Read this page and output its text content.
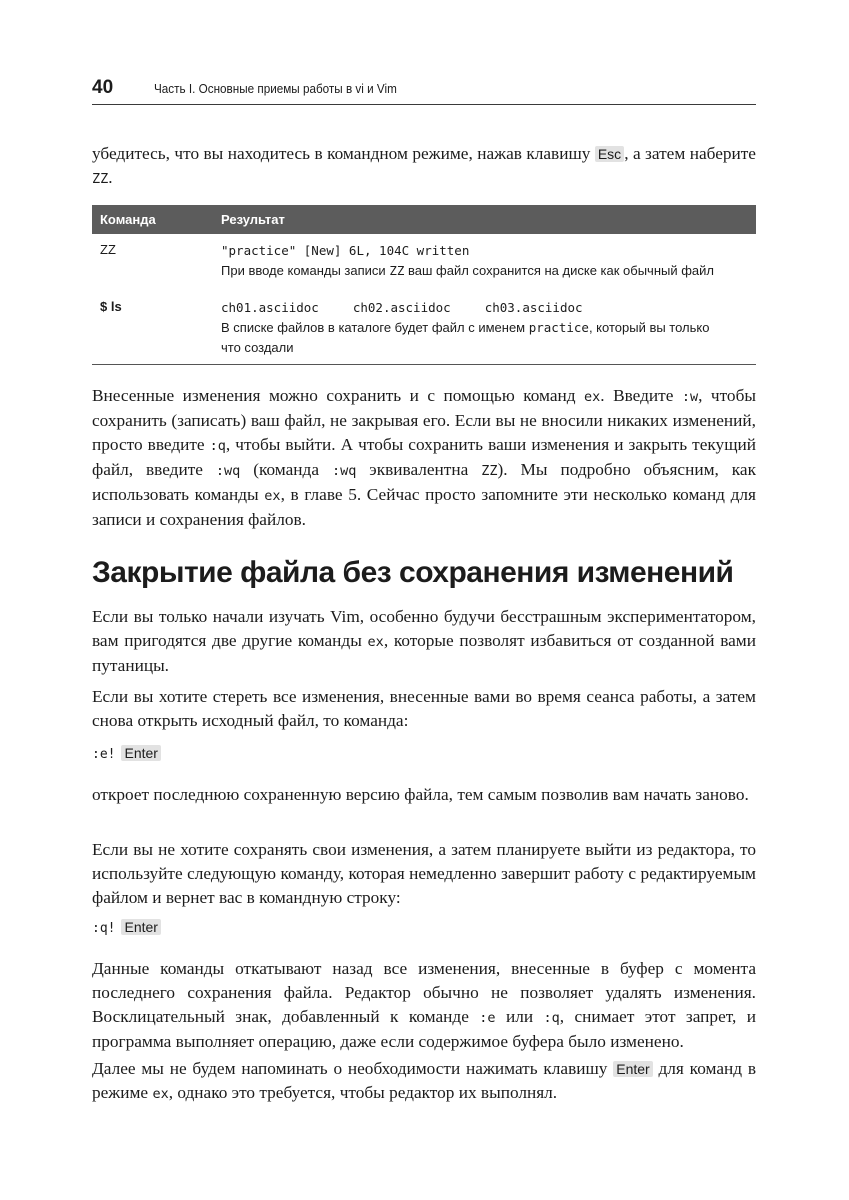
40	Часть I. Основные приемы работы в vi и Vim

убедитесь, что вы находитесь в командном режиме, нажав клавишу Esc , а затем наберите ZZ.

Команда	Результат
ZZ	"practice" [New] 6L, 104C written
При вводе команды записи ZZ ваш файл сохранится на диске как обычный файл

$ ls	ch01.asciidoc ch02.asciidoc ch03.asciidoc
В списке файлов в каталоге будет файл с именем practice, который вы только что создали

Внесенные изменения можно сохранить и с помощью команд ex. Введите :w, чтобы сохранить (записать) ваш файл, не закрывая его. Если вы не вносили никаких изменений, просто введите :q, чтобы выйти. А чтобы сохранить ваши изменения и закрыть текущий файл, введите :wq (команда :wq эквивалентна ZZ). Мы подробно объясним, как использовать команды ex, в главе 5. Сейчас просто запомните эти несколько команд для записи и сохранения файлов.

Закрытие файла без сохранения изменений

Если вы только начали изучать Vim, особенно будучи бесстрашным экспериментатором, вам пригодятся две другие команды ex, которые позволят избавиться от созданной вами путаницы.

Если вы хотите стереть все изменения, внесенные вами во время сеанса работы, а затем снова открыть исходный файл, то команда:

:e! Enter

откроет последнюю сохраненную версию файла, тем самым позволив вам начать заново.

Если вы не хотите сохранять свои изменения, а затем планируете выйти из редактора, то используйте следующую команду, которая немедленно завершит работу с редактируемым файлом и вернет вас в командную строку:

:q! Enter

Данные команды откатывают назад все изменения, внесенные в буфер с момента последнего сохранения файла. Редактор обычно не позволяет удалять изменения. Восклицательный знак, добавленный к команде :e или :q, снимает этот запрет, и программа выполняет операцию, даже если содержимое буфера было изменено.

Далее мы не будем напоминать о необходимости нажимать клавишу Enter для команд в режиме ex, однако это требуется, чтобы редактор их выполнял.
